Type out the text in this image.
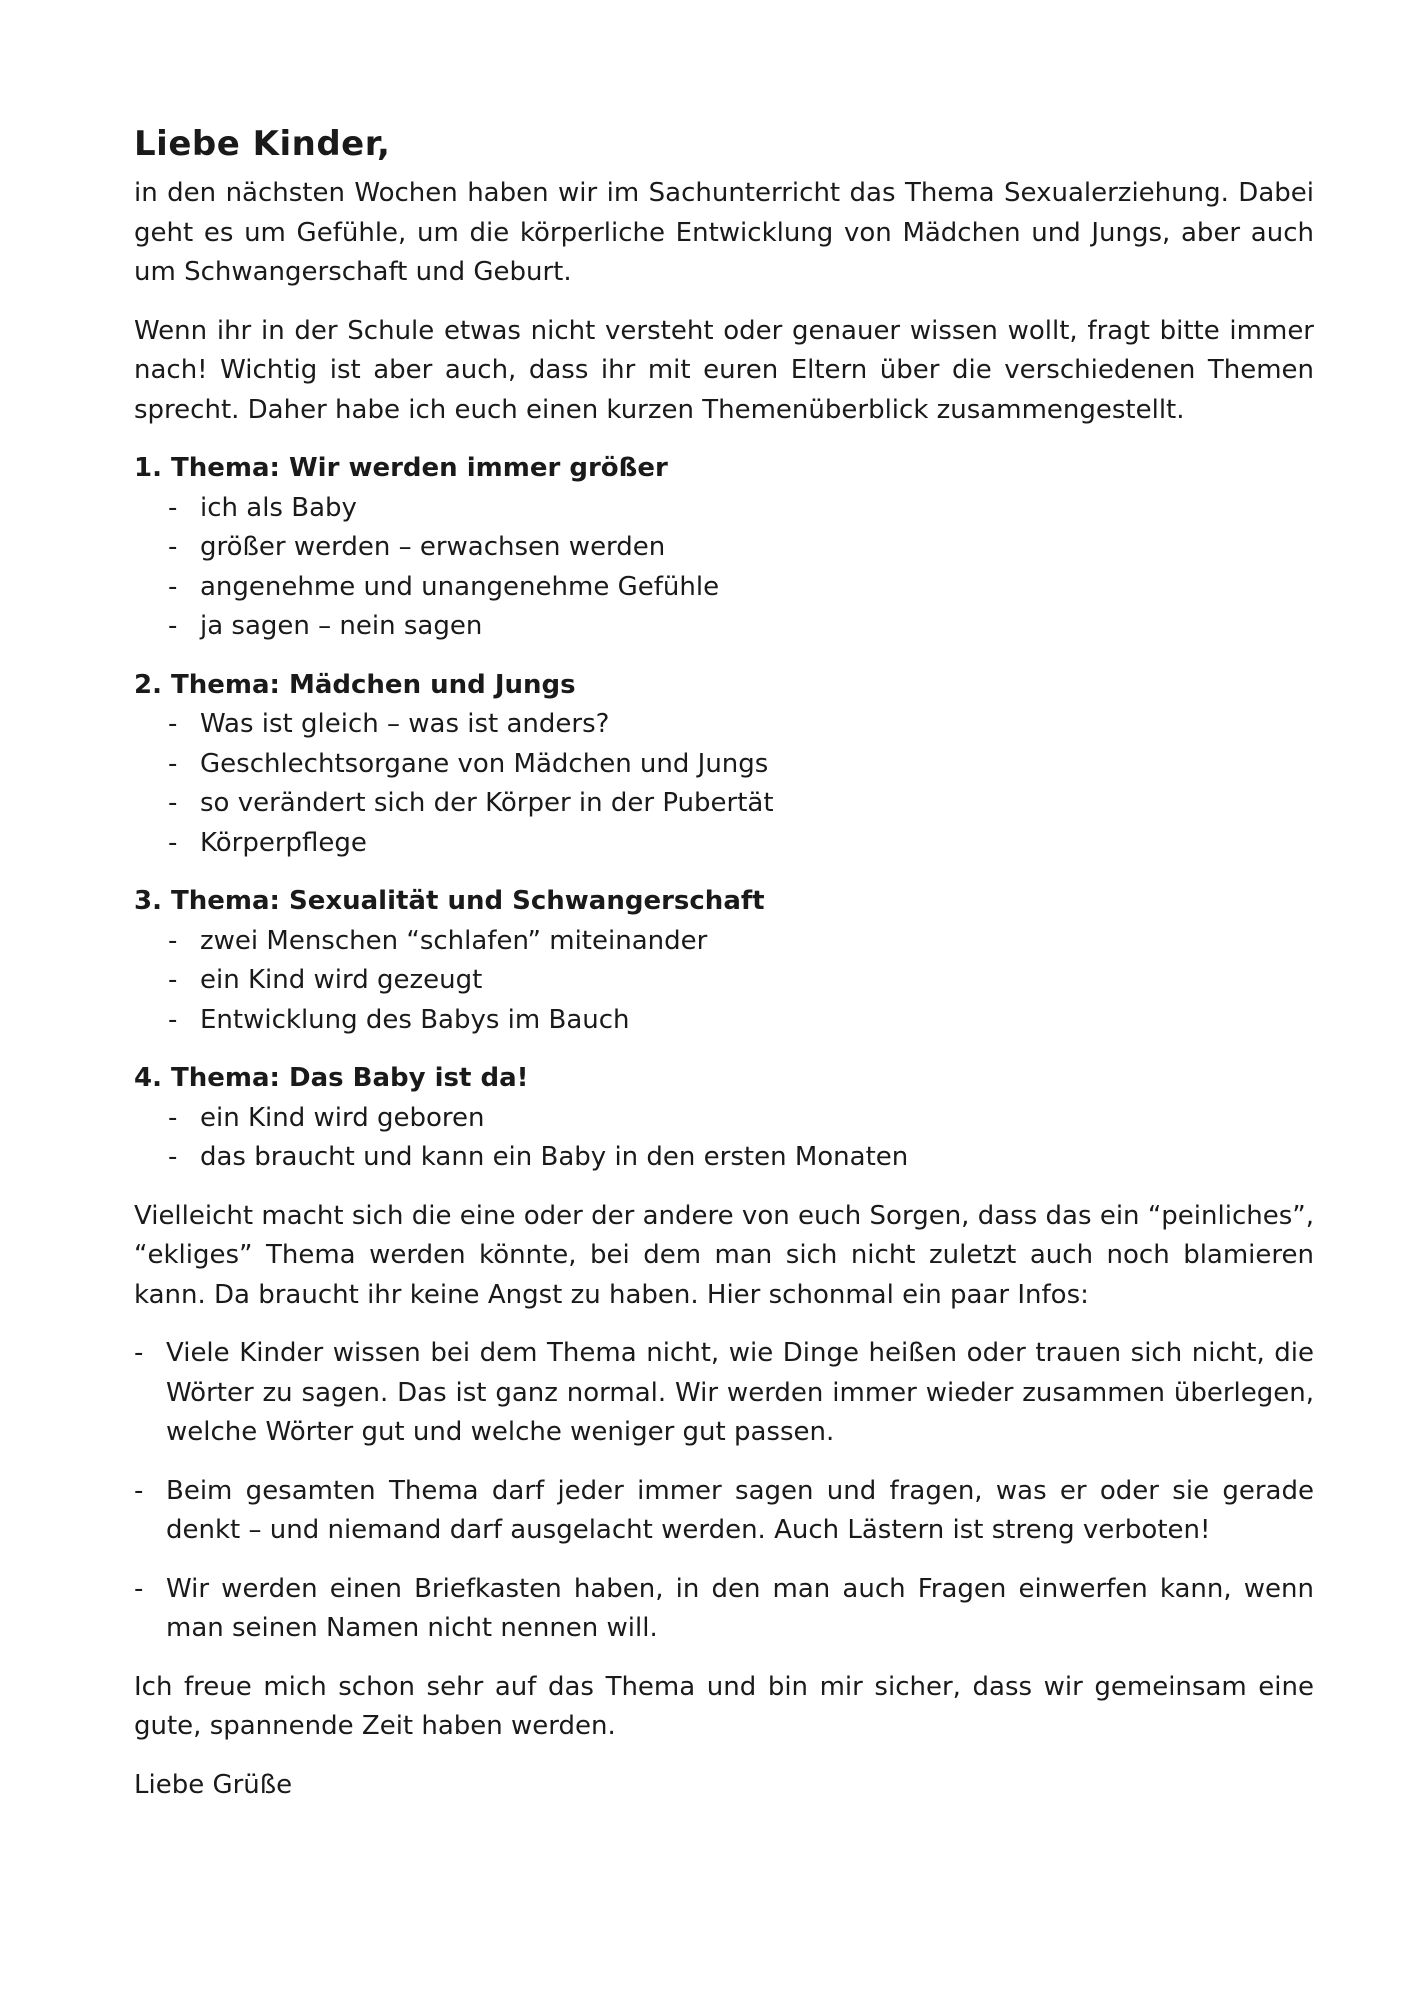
Liebe Kinder,

in den nächsten Wochen haben wir im Sachunterricht das Thema Sexualerziehung. Dabei geht es um Gefühle, um die körperliche Entwicklung von Mädchen und Jungs, aber auch um Schwangerschaft und Geburt.

Wenn ihr in der Schule etwas nicht versteht oder genauer wissen wollt, fragt bitte immer nach! Wichtig ist aber auch, dass ihr mit euren Eltern über die verschiedenen Themen sprecht. Daher habe ich euch einen kurzen Themenüberblick zusammengestellt.

1. Thema: Wir werden immer größer
- ich als Baby
- größer werden – erwachsen werden
- angenehme und unangenehme Gefühle
- ja sagen – nein sagen
2. Thema: Mädchen und Jungs
- Was ist gleich – was ist anders?
- Geschlechtsorgane von Mädchen und Jungs
- so verändert sich der Körper in der Pubertät
- Körperpflege
3. Thema: Sexualität und Schwangerschaft
- zwei Menschen “schlafen” miteinander
- ein Kind wird gezeugt
- Entwicklung des Babys im Bauch
4. Thema: Das Baby ist da!
- ein Kind wird geboren
- das braucht und kann ein Baby in den ersten Monaten

Vielleicht macht sich die eine oder der andere von euch Sorgen, dass das ein “peinliches”, “ekliges” Thema werden könnte, bei dem man sich nicht zuletzt auch noch blamieren kann. Da braucht ihr keine Angst zu haben. Hier schonmal ein paar Infos:

- Viele Kinder wissen bei dem Thema nicht, wie Dinge heißen oder trauen sich nicht, die Wörter zu sagen. Das ist ganz normal. Wir werden immer wieder zusammen überlegen, welche Wörter gut und welche weniger gut passen.
- Beim gesamten Thema darf jeder immer sagen und fragen, was er oder sie gerade denkt – und niemand darf ausgelacht werden. Auch Lästern ist streng verboten!
- Wir werden einen Briefkasten haben, in den man auch Fragen einwerfen kann, wenn man seinen Namen nicht nennen will.

Ich freue mich schon sehr auf das Thema und bin mir sicher, dass wir gemeinsam eine gute, spannende Zeit haben werden.

Liebe Grüße
